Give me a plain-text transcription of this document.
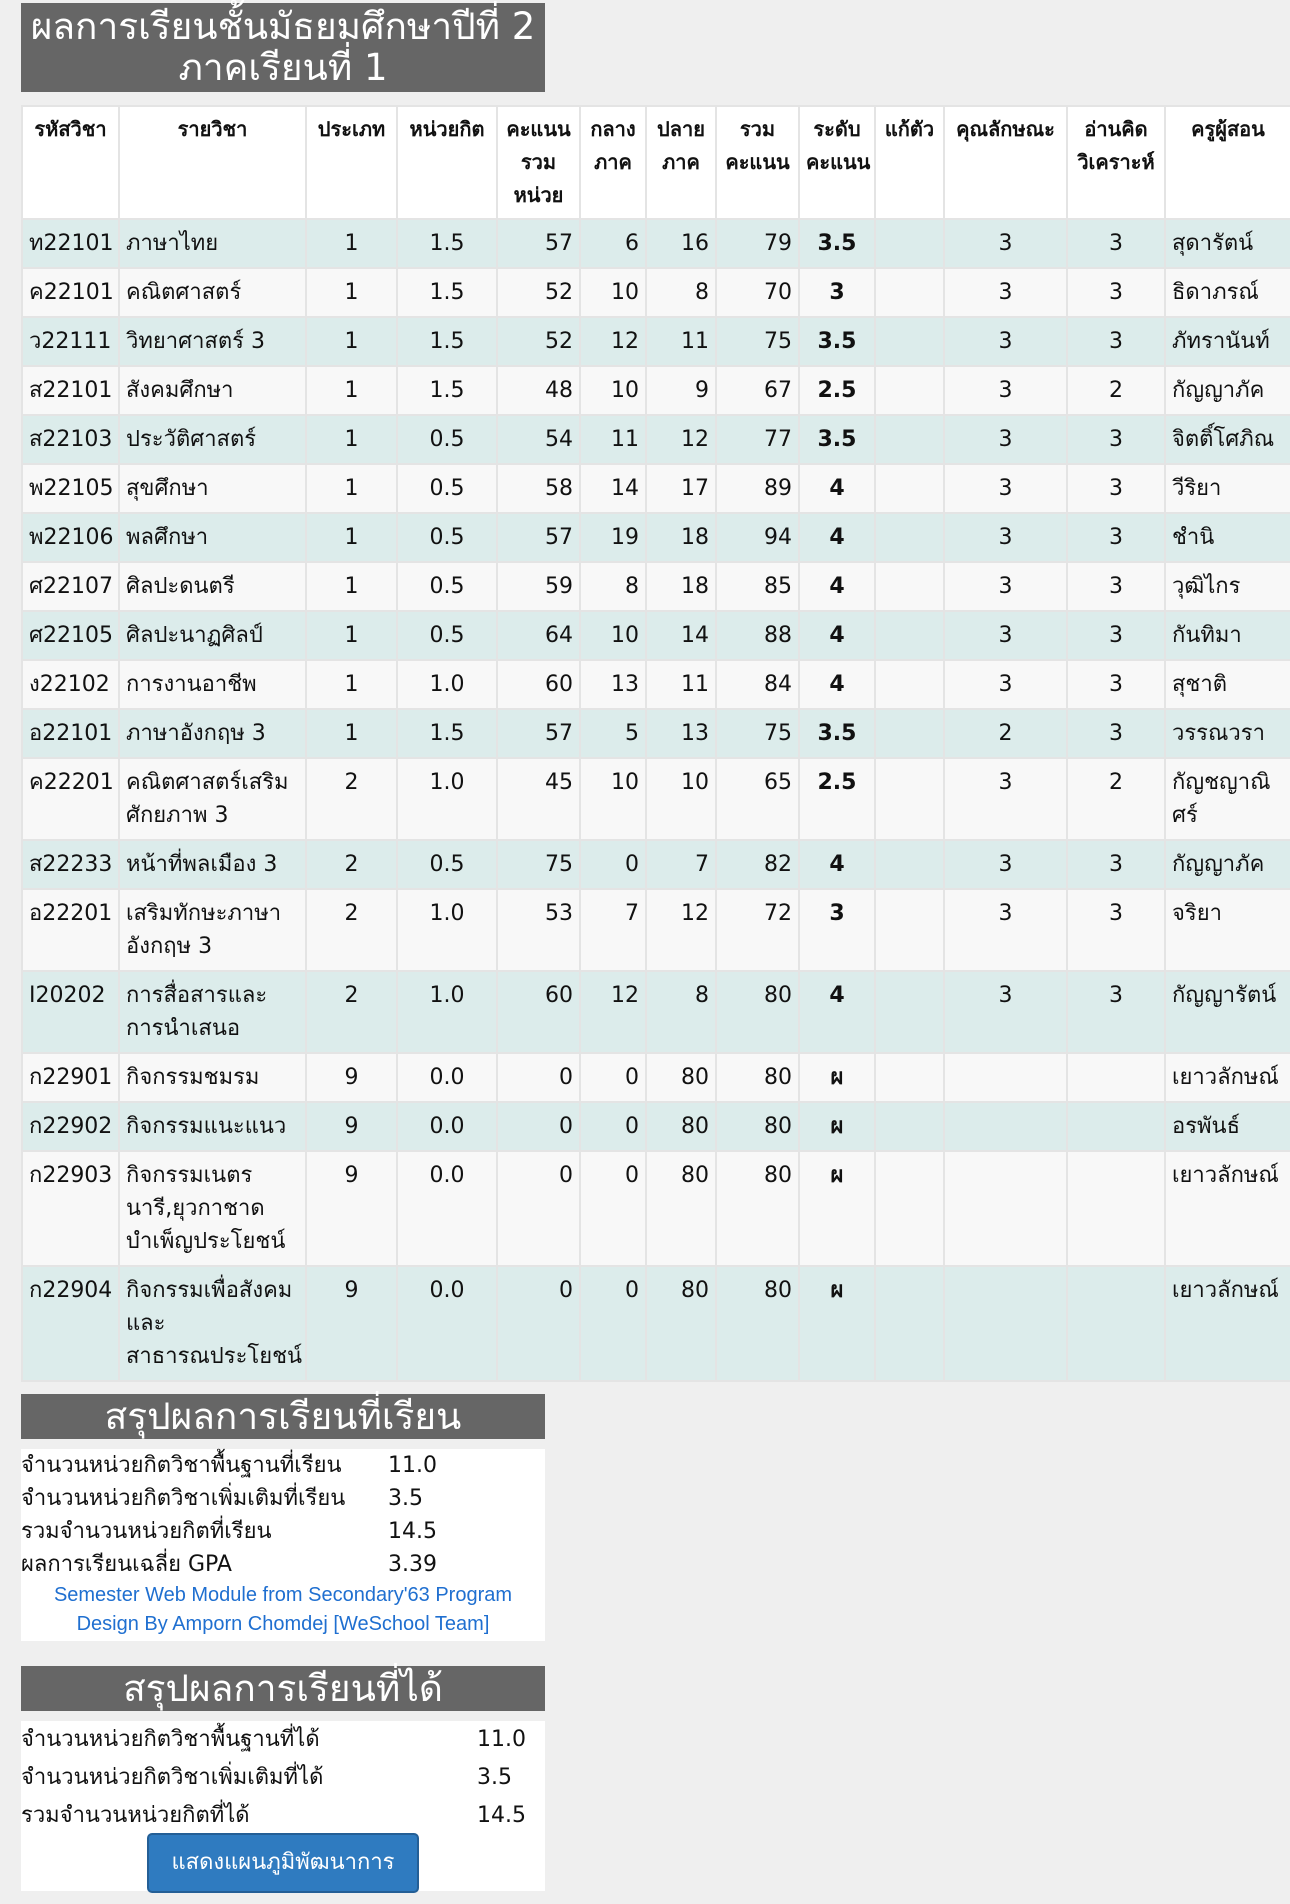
ผลการเรียนชั้นมัธยมศึกษาปีที่ 2
ภาคเรียนที่ 1
รหัสวิชา	รายวิชา	ประเภท	หน่วยกิต	คะแนน รวม หน่วย	กลาง ภาค	ปลาย ภาค	รวม คะแนน	ระดับ คะแนน	แก้ตัว	คุณลักษณะ	อ่านคิด วิเคราะห์	ครูผู้สอน
ท22101	ภาษาไทย	1	1.5	57	6	16	79	3.5		3	3	สุดารัตน์
ค22101	คณิตศาสตร์	1	1.5	52	10	8	70	3		3	3	ธิดาภรณ์
ว22111	วิทยาศาสตร์ 3	1	1.5	52	12	11	75	3.5		3	3	ภัทรานันท์
ส22101	สังคมศึกษา	1	1.5	48	10	9	67	2.5		3	2	กัญญาภัค
ส22103	ประวัติศาสตร์	1	0.5	54	11	12	77	3.5		3	3	จิตติ์โศภิณ
พ22105	สุขศึกษา	1	0.5	58	14	17	89	4		3	3	วีริยา
พ22106	พลศึกษา	1	0.5	57	19	18	94	4		3	3	ชำนิ
ศ22107	ศิลปะดนตรี	1	0.5	59	8	18	85	4		3	3	วุฒิไกร
ศ22105	ศิลปะนาฏศิลป์	1	0.5	64	10	14	88	4		3	3	กันทิมา
ง22102	การงานอาชีพ	1	1.0	60	13	11	84	4		3	3	สุชาติ
อ22101	ภาษาอังกฤษ 3	1	1.5	57	5	13	75	3.5		2	3	วรรณวรา
ค22201	คณิตศาสตร์เสริมศักยภาพ 3	2	1.0	45	10	10	65	2.5		3	2	กัญชญาณิศร์
ส22233	หน้าที่พลเมือง 3	2	0.5	75	0	7	82	4		3	3	กัญญาภัค
อ22201	เสริมทักษะภาษาอังกฤษ 3	2	1.0	53	7	12	72	3		3	3	จริยา
I20202	การสื่อสารและการนำเสนอ	2	1.0	60	12	8	80	4		3	3	กัญญารัตน์
ก22901	กิจกรรมชมรม	9	0.0	0	0	80	80	ผ				เยาวลักษณ์
ก22902	กิจกรรมแนะแนว	9	0.0	0	0	80	80	ผ				อรพันธ์
ก22903	กิจกรรมเนตรนารี,ยุวกาชาดบำเพ็ญประโยชน์	9	0.0	0	0	80	80	ผ				เยาวลักษณ์
ก22904	กิจกรรมเพื่อสังคมและสาธารณประโยชน์	9	0.0	0	0	80	80	ผ				เยาวลักษณ์
สรุปผลการเรียนที่เรียน
จำนวนหน่วยกิตวิชาพื้นฐานที่เรียน 11.0
จำนวนหน่วยกิตวิชาเพิ่มเติมที่เรียน 3.5
รวมจำนวนหน่วยกิตที่เรียน	14.5
ผลการเรียนเฉลี่ย GPA	3.39
Semester Web Module from Secondary'63 Program
Design By Amporn Chomdej [WeSchool Team]
สรุปผลการเรียนที่ได้
จำนวนหน่วยกิตวิชาพื้นฐานที่ได้	11.0
จำนวนหน่วยกิตวิชาเพิ่มเติมที่ได้	3.5
รวมจำนวนหน่วยกิตที่ได้	14.5
แสดงแผนภูมิพัฒนาการ
